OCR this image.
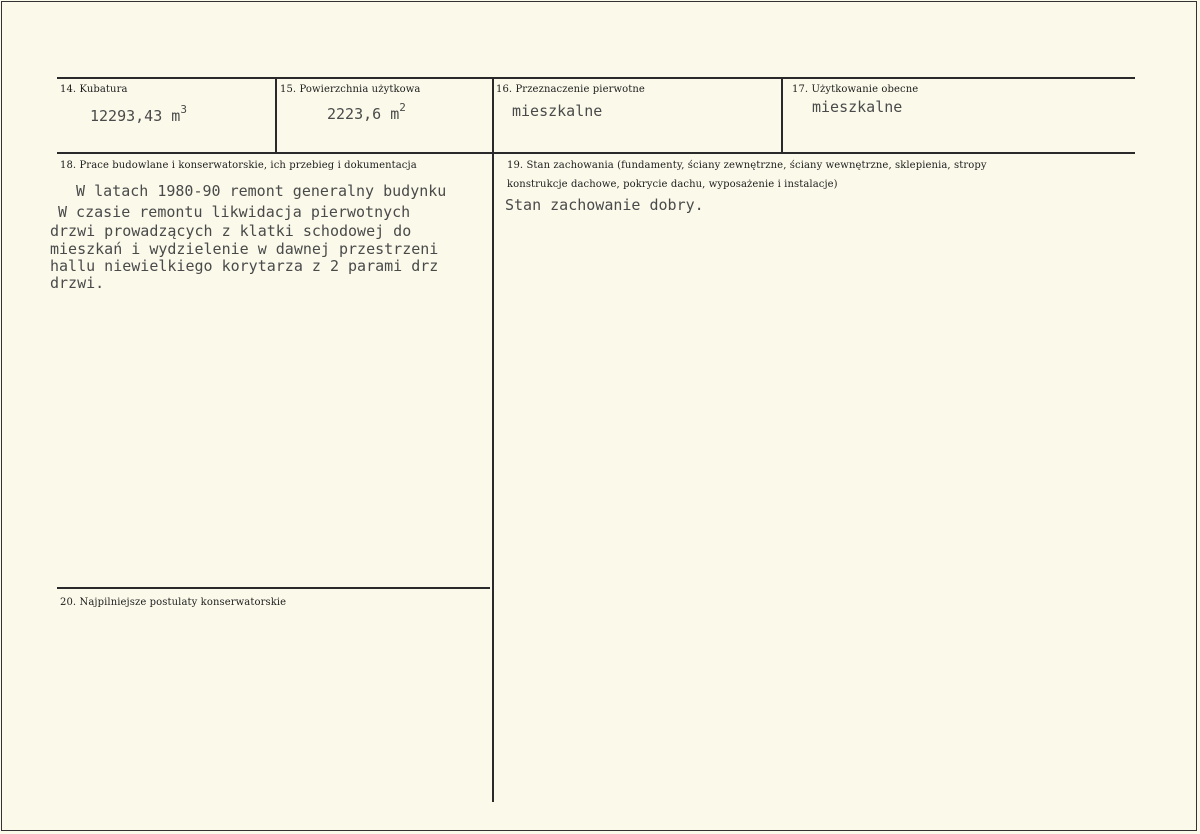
14. Kubatura
12293,43 $m^3$
15. Powierzchnia użytkowa
2223,6 $m^2$
16. Przeznaczenie pierwotne
mieszkalne
17. Użytkowanie obecne
mieszkalne
18. Prace budowlane i konserwatorskie, ich przebieg i dokumentacja
W latach 1980-90 remont generalny budynku
W czasie remontu likwidacja pierwotnych
drzwi prowadzących z klatki schodowej do
mieszkań i wydzielenie w dawnej przestrzeni
hallu niewielkiego korytarza z 2 parami drz
drzwi.
19. Stan zachowania (fundamenty, ściany zewnętrzne, ściany wewnętrzne, sklepienia, stropy
konstrukcje dachowe, pokrycie dachu, wyposażenie i instalacje)
Stan zachowanie dobry.
20. Najpilniejsze postulaty konserwatorskie
